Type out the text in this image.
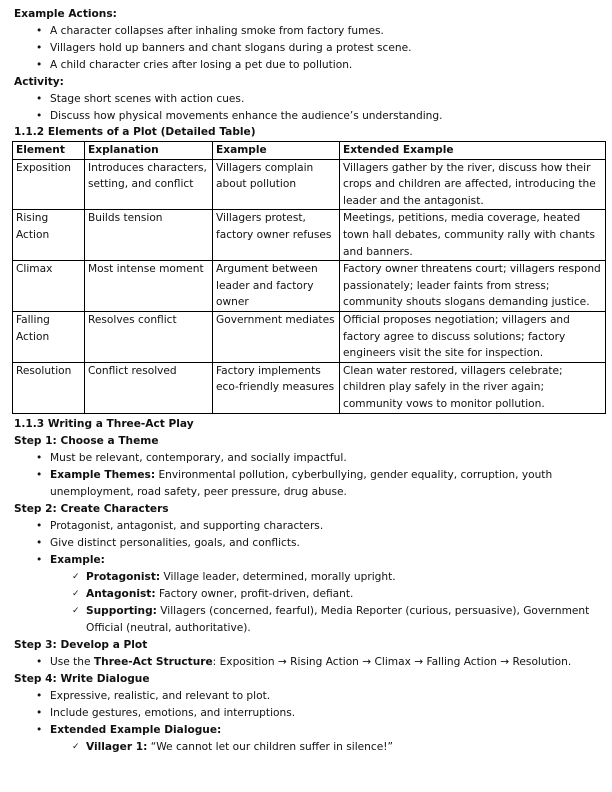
Example Actions:
• A character collapses after inhaling smoke from factory fumes.
• Villagers hold up banners and chant slogans during a protest scene.
• A child character cries after losing a pet due to pollution.
Activity:
• Stage short scenes with action cues.
• Discuss how physical movements enhance the audience’s understanding.
1.1.2 Elements of a Plot (Detailed Table)
Element	Explanation	Example	Extended Example
Exposition	Introduces characters, setting, and conflict	Villagers complain about pollution	Villagers gather by the river, discuss how their crops and children are affected, introducing the leader and the antagonist.
Rising Action	Builds tension	Villagers protest, factory owner refuses	Meetings, petitions, media coverage, heated town hall debates, community rally with chants and banners.
Climax	Most intense moment	Argument between leader and factory owner	Factory owner threatens court; villagers respond passionately; leader faints from stress; community shouts slogans demanding justice.
Falling Action	Resolves conflict	Government mediates	Official proposes negotiation; villagers and factory agree to discuss solutions; factory engineers visit the site for inspection.
Resolution	Conflict resolved	Factory implements eco-friendly measures	Clean water restored, villagers celebrate; children play safely in the river again; community vows to monitor pollution.
1.1.3 Writing a Three-Act Play
Step 1: Choose a Theme
• Must be relevant, contemporary, and socially impactful.
• Example Themes: Environmental pollution, cyberbullying, gender equality, corruption, youth unemployment, road safety, peer pressure, drug abuse.
Step 2: Create Characters
• Protagonist, antagonist, and supporting characters.
• Give distinct personalities, goals, and conflicts.
• Example:
✓ Protagonist: Village leader, determined, morally upright.
✓ Antagonist: Factory owner, profit-driven, defiant.
✓ Supporting: Villagers (concerned, fearful), Media Reporter (curious, persuasive), Government Official (neutral, authoritative).
Step 3: Develop a Plot
• Use the Three-Act Structure: Exposition → Rising Action → Climax → Falling Action → Resolution.
Step 4: Write Dialogue
• Expressive, realistic, and relevant to plot.
• Include gestures, emotions, and interruptions.
• Extended Example Dialogue:
✓ Villager 1: “We cannot let our children suffer in silence!”
